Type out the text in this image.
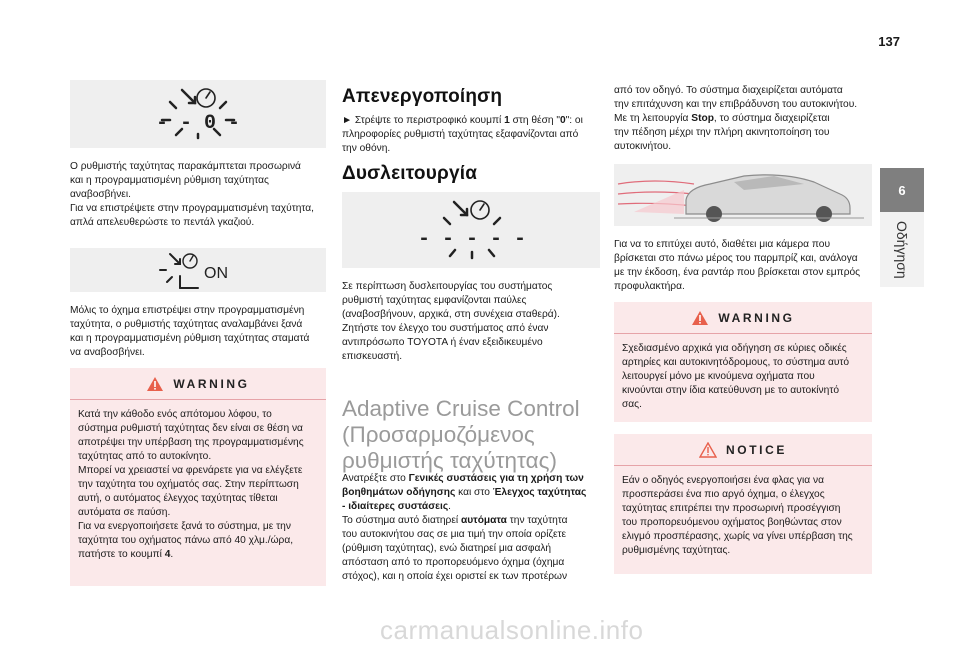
137
6
Οδήγηση
- - 0 -

Ο ρυθμιστής ταχύτητας παρακάμπτεται προσωρινά

και η προγραμματισμένη ρύθμιση ταχύτητας

αναβοσβήνει.

Για να επιστρέψετε στην προγραμματισμένη ταχύτητα,

απλά απελευθερώστε το πεντάλ γκαζιού.

ON

Μόλις το όχημα επιστρέψει στην προγραμματισμένη

ταχύτητα, ο ρυθμιστής ταχύτητας αναλαμβάνει ξανά

και η προγραμματισμένη ρύθμιση ταχύτητας σταματά

να αναβοσβήνει.

WARNING

Κατά την κάθοδο ενός απότομου λόφου, το

σύστημα ρυθμιστή ταχύτητας δεν είναι σε θέση να

αποτρέψει την υπέρβαση της προγραμματισμένης

ταχύτητας από το αυτοκίνητο.

Μπορεί να χρειαστεί να φρενάρετε για να ελέγξετε

την ταχύτητα του οχήματός σας. Στην περίπτωση

αυτή, ο αυτόματος έλεγχος ταχύτητας τίθεται

αυτόματα σε παύση.

Για να ενεργοποιήσετε ξανά το σύστημα, με την

ταχύτητα του οχήματος πάνω από 40 χλμ./ώρα,

πατήστε το κουμπί 4.

Απενεργοποίηση

► Στρέψτε το περιστροφικό κουμπί 1 στη θέση "0": οι

πληροφορίες ρυθμιστή ταχύτητας εξαφανίζονται από

την οθόνη.

Δυσλειτουργία
- - - - -

Σε περίπτωση δυσλειτουργίας του συστήματος

ρυθμιστή ταχύτητας εμφανίζονται παύλες

(αναβοσβήνουν, αρχικά, στη συνέχεια σταθερά).

Ζητήστε τον έλεγχο του συστήματος από έναν

αντιπρόσωπο TOYOTA ή έναν εξειδικευμένο

επισκευαστή.

Adaptive Cruise Control

(Προσαρμοζόμενος

ρυθμιστής ταχύτητας)

Ανατρέξτε στο Γενικές συστάσεις για τη χρήση των

βοηθημάτων οδήγησης και στο Έλεγχος ταχύτητας

- ιδιαίτερες συστάσεις.

Το σύστημα αυτό διατηρεί αυτόματα την ταχύτητα

του αυτοκινήτου σας σε μια τιμή την οποία ορίζετε

(ρύθμιση ταχύτητας), ενώ διατηρεί μια ασφαλή

απόσταση από το προπορευόμενο όχημα (όχημα

στόχος), και η οποία έχει οριστεί εκ των προτέρων

από τον οδηγό. Το σύστημα διαχειρίζεται αυτόματα

την επιτάχυνση και την επιβράδυνση του αυτοκινήτου.

Με τη λειτουργία Stop, το σύστημα διαχειρίζεται

την πέδηση μέχρι την πλήρη ακινητοποίηση του

αυτοκινήτου.

Για να το επιτύχει αυτό, διαθέτει μια κάμερα που

βρίσκεται στο πάνω μέρος του παρμπρίζ και, ανάλογα

με την έκδοση, ένα ραντάρ που βρίσκεται στον εμπρός

προφυλακτήρα.

WARNING

Σχεδιασμένο αρχικά για οδήγηση σε κύριες οδικές

αρτηρίες και αυτοκινητόδρομους, το σύστημα αυτό

λειτουργεί μόνο με κινούμενα οχήματα που

κινούνται στην ίδια κατεύθυνση με το αυτοκίνητό

σας.

NOTICE

Εάν ο οδηγός ενεργοποιήσει ένα φλας για να

προσπεράσει ένα πιο αργό όχημα, ο έλεγχος

ταχύτητας επιτρέπει την προσωρινή προσέγγιση

του προπορευόμενου οχήματος βοηθώντας στον

ελιγμό προσπέρασης, χωρίς να γίνει υπέρβαση της

ρυθμισμένης ταχύτητας.

carmanualsonline.info
